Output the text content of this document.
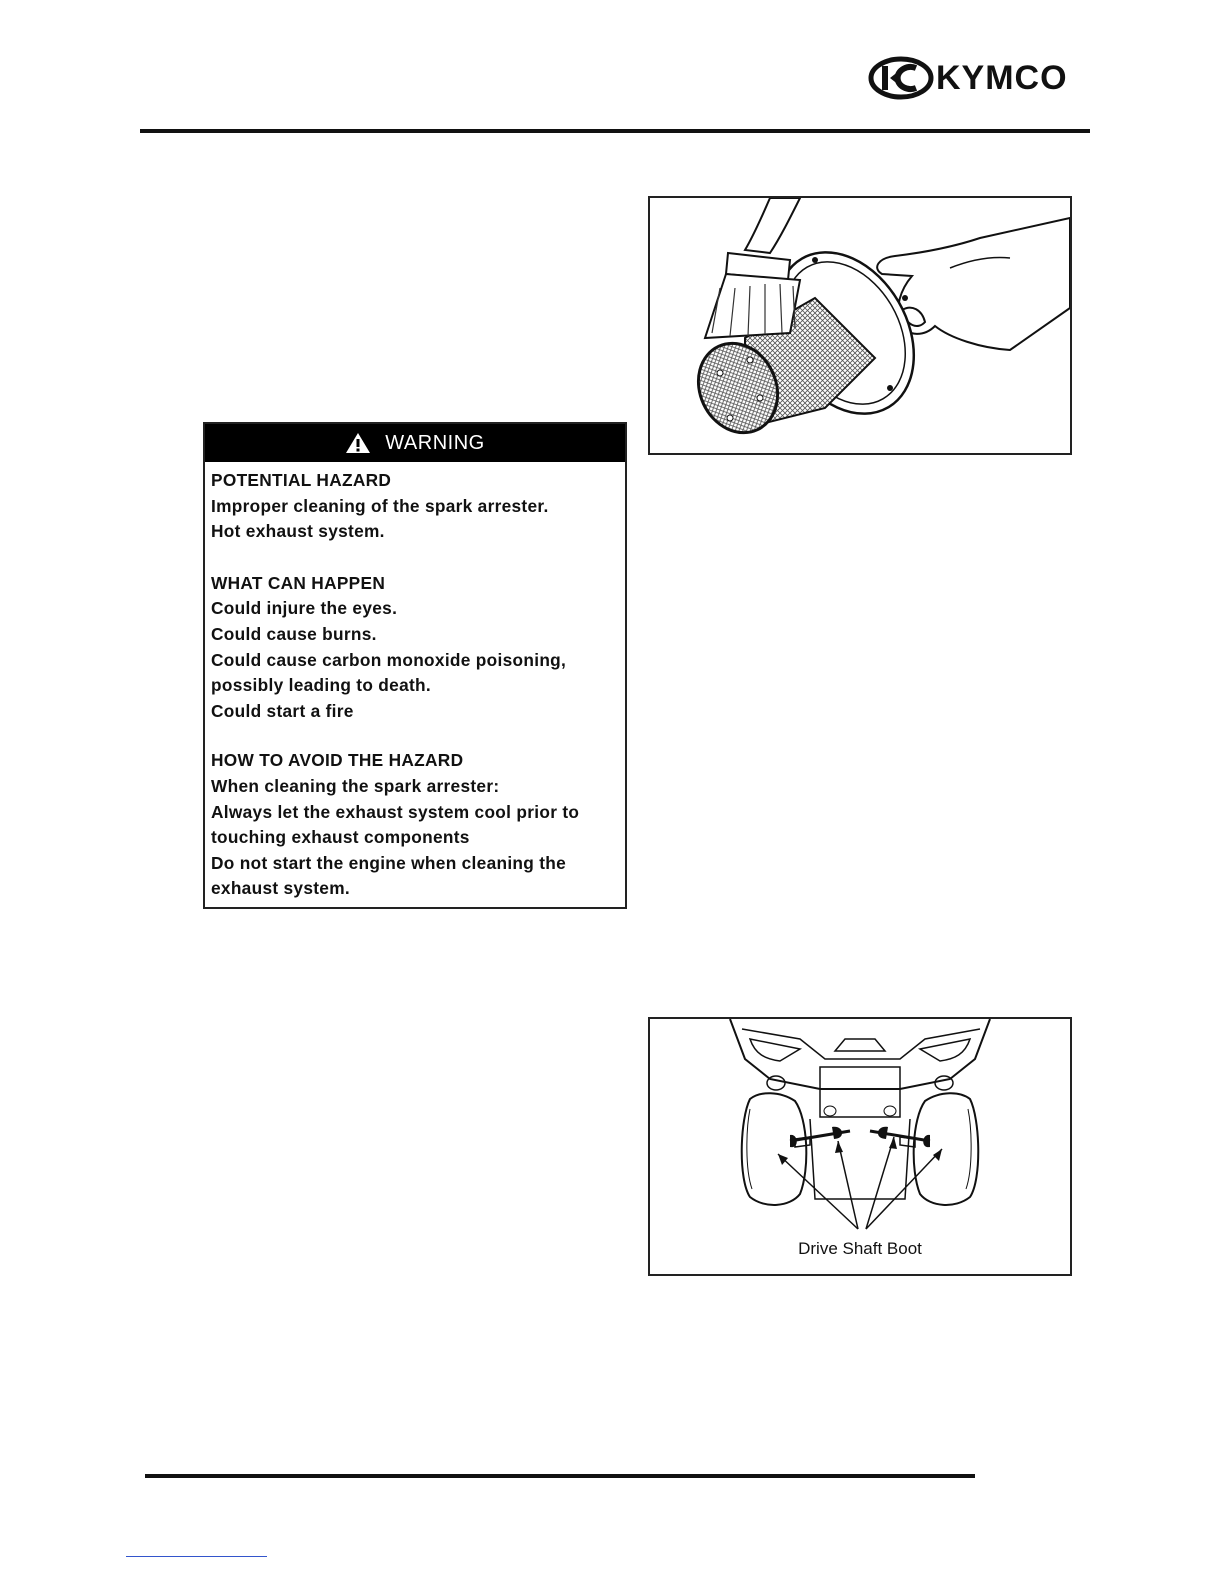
KYMCO
WARNING
POTENTIAL HAZARD
Improper cleaning of the spark arrester.
Hot exhaust system.
WHAT CAN HAPPEN
Could injure the eyes.
Could cause burns.
Could cause carbon monoxide poisoning,
possibly leading to death.
Could start a fire
HOW TO AVOID THE HAZARD
When cleaning the spark arrester:
Always let the exhaust system cool prior to
touching exhaust components
Do not start the engine when cleaning the
exhaust system.
Drive Shaft Boot
